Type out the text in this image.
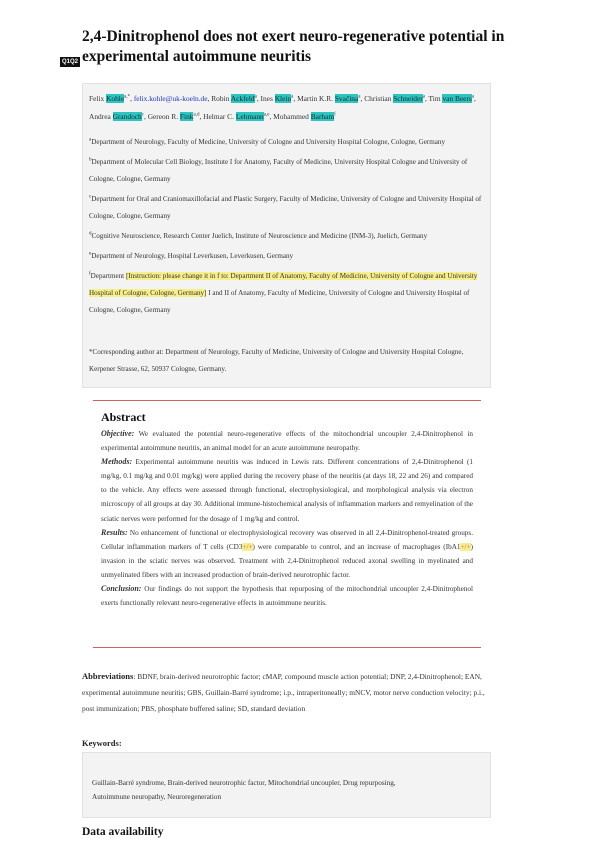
Q1Q2
2,4-Dinitrophenol does not exert neuro-regenerative potential in experimental autoimmune neuritis
Felix Kohle$^{a,*}$, felix.kohle@uk-koeln.de, Robin Ackfeld$^a$, Ines Klein$^a$, Martin K.R. Svačina$^a$, Christian Schneider$^a$, Tim van Beers$^a$, Andrea Grandoch$^c$, Gereon R. Fink$^{a,d}$, Helmar C. Lehmann$^{a,e}$, Mohammed Barham$^f$
$^a$Department of Neurology, Faculty of Medicine, University of Cologne and University Hospital Cologne, Cologne, Germany
$^b$Department of Molecular Cell Biology, Institute I for Anatomy, Faculty of Medicine, University Hospital Cologne and University of Cologne, Cologne, Germany
$^c$Department for Oral and Craniomaxillofacial and Plastic Surgery, Faculty of Medicine, University of Cologne and University Hospital of Cologne, Cologne, Germany
$^d$Cognitive Neuroscience, Research Center Juelich, Institute of Neuroscience and Medicine (INM-3), Juelich, Germany
$^e$Department of Neurology, Hospital Leverkusen, Leverkusen, Germany
$^f$Department [Instruction: please change it in f to: Department II of Anatomy, Faculty of Medicine, University of Cologne and University Hospital of Cologne, Cologne, Germany] I and II of Anatomy, Faculty of Medicine, University of Cologne and University Hospital of Cologne, Cologne, Germany
*Corresponding author at: Department of Neurology, Faculty of Medicine, University of Cologne and University Hospital Cologne, Kerpener Strasse, 62, 50937 Cologne, Germany.
Abstract

Objective: We evaluated the potential neuro-regenerative effects of the mitochondrial uncoupler 2,4-Dinitrophenol in experimental autoimmune neuritis, an animal model for an acute autoimmune neuropathy.

Methods: Experimental autoimmune neuritis was induced in Lewis rats. Different concentrations of 2,4-Dinitrophenol (1 mg/kg, 0.1 mg/kg and 0.01 mg/kg) were applied during the recovery phase of the neuritis (at days 18, 22 and 26) and compared to the vehicle. Any effects were assessed through functional, electrophysiological, and morphological analysis via electron microscopy of all groups at day 30. Additional immune-histochemical analysis of inflammation markers and remyelination of the sciatic nerves were performed for the dosage of 1 mg/kg and control.

Results: No enhancement of functional or electrophysiological recovery was observed in all 2,4-Dinitrophenol-treated groups. Cellular inflammation markers of T cells (CD3+/+) were comparable to control, and an increase of macrophages (IbA1+/+) invasion in the sciatic nerves was observed. Treatment with 2,4-Dinitrophenol reduced axonal swelling in myelinated and unmyelinated fibers with an increased production of brain-derived neurotrophic factor.

Conclusion: Our findings do not support the hypothesis that repurposing of the mitochondrial uncoupler 2,4-Dinitrophenol exerts functionally relevant neuro-regenerative effects in autoimmune neuritis.

Abbreviations: BDNF, brain-derived neurotrophic factor; cMAP, compound muscle action potential; DNP, 2,4-Dinitrophenol; EAN, experimental autoimmune neuritis; GBS, Guillain-Barré syndrome; i.p., intraperitoneally; mNCV, motor nerve conduction velocity; p.i., post immunization; PBS, phosphate buffered saline; SD, standard deviation
Keywords:
Guillain-Barré syndrome, Brain-derived neurotrophic factor, Mitochondrial uncoupler, Drug repurposing, Autoimmune neuropathy, Neuroregeneration
Data availability
